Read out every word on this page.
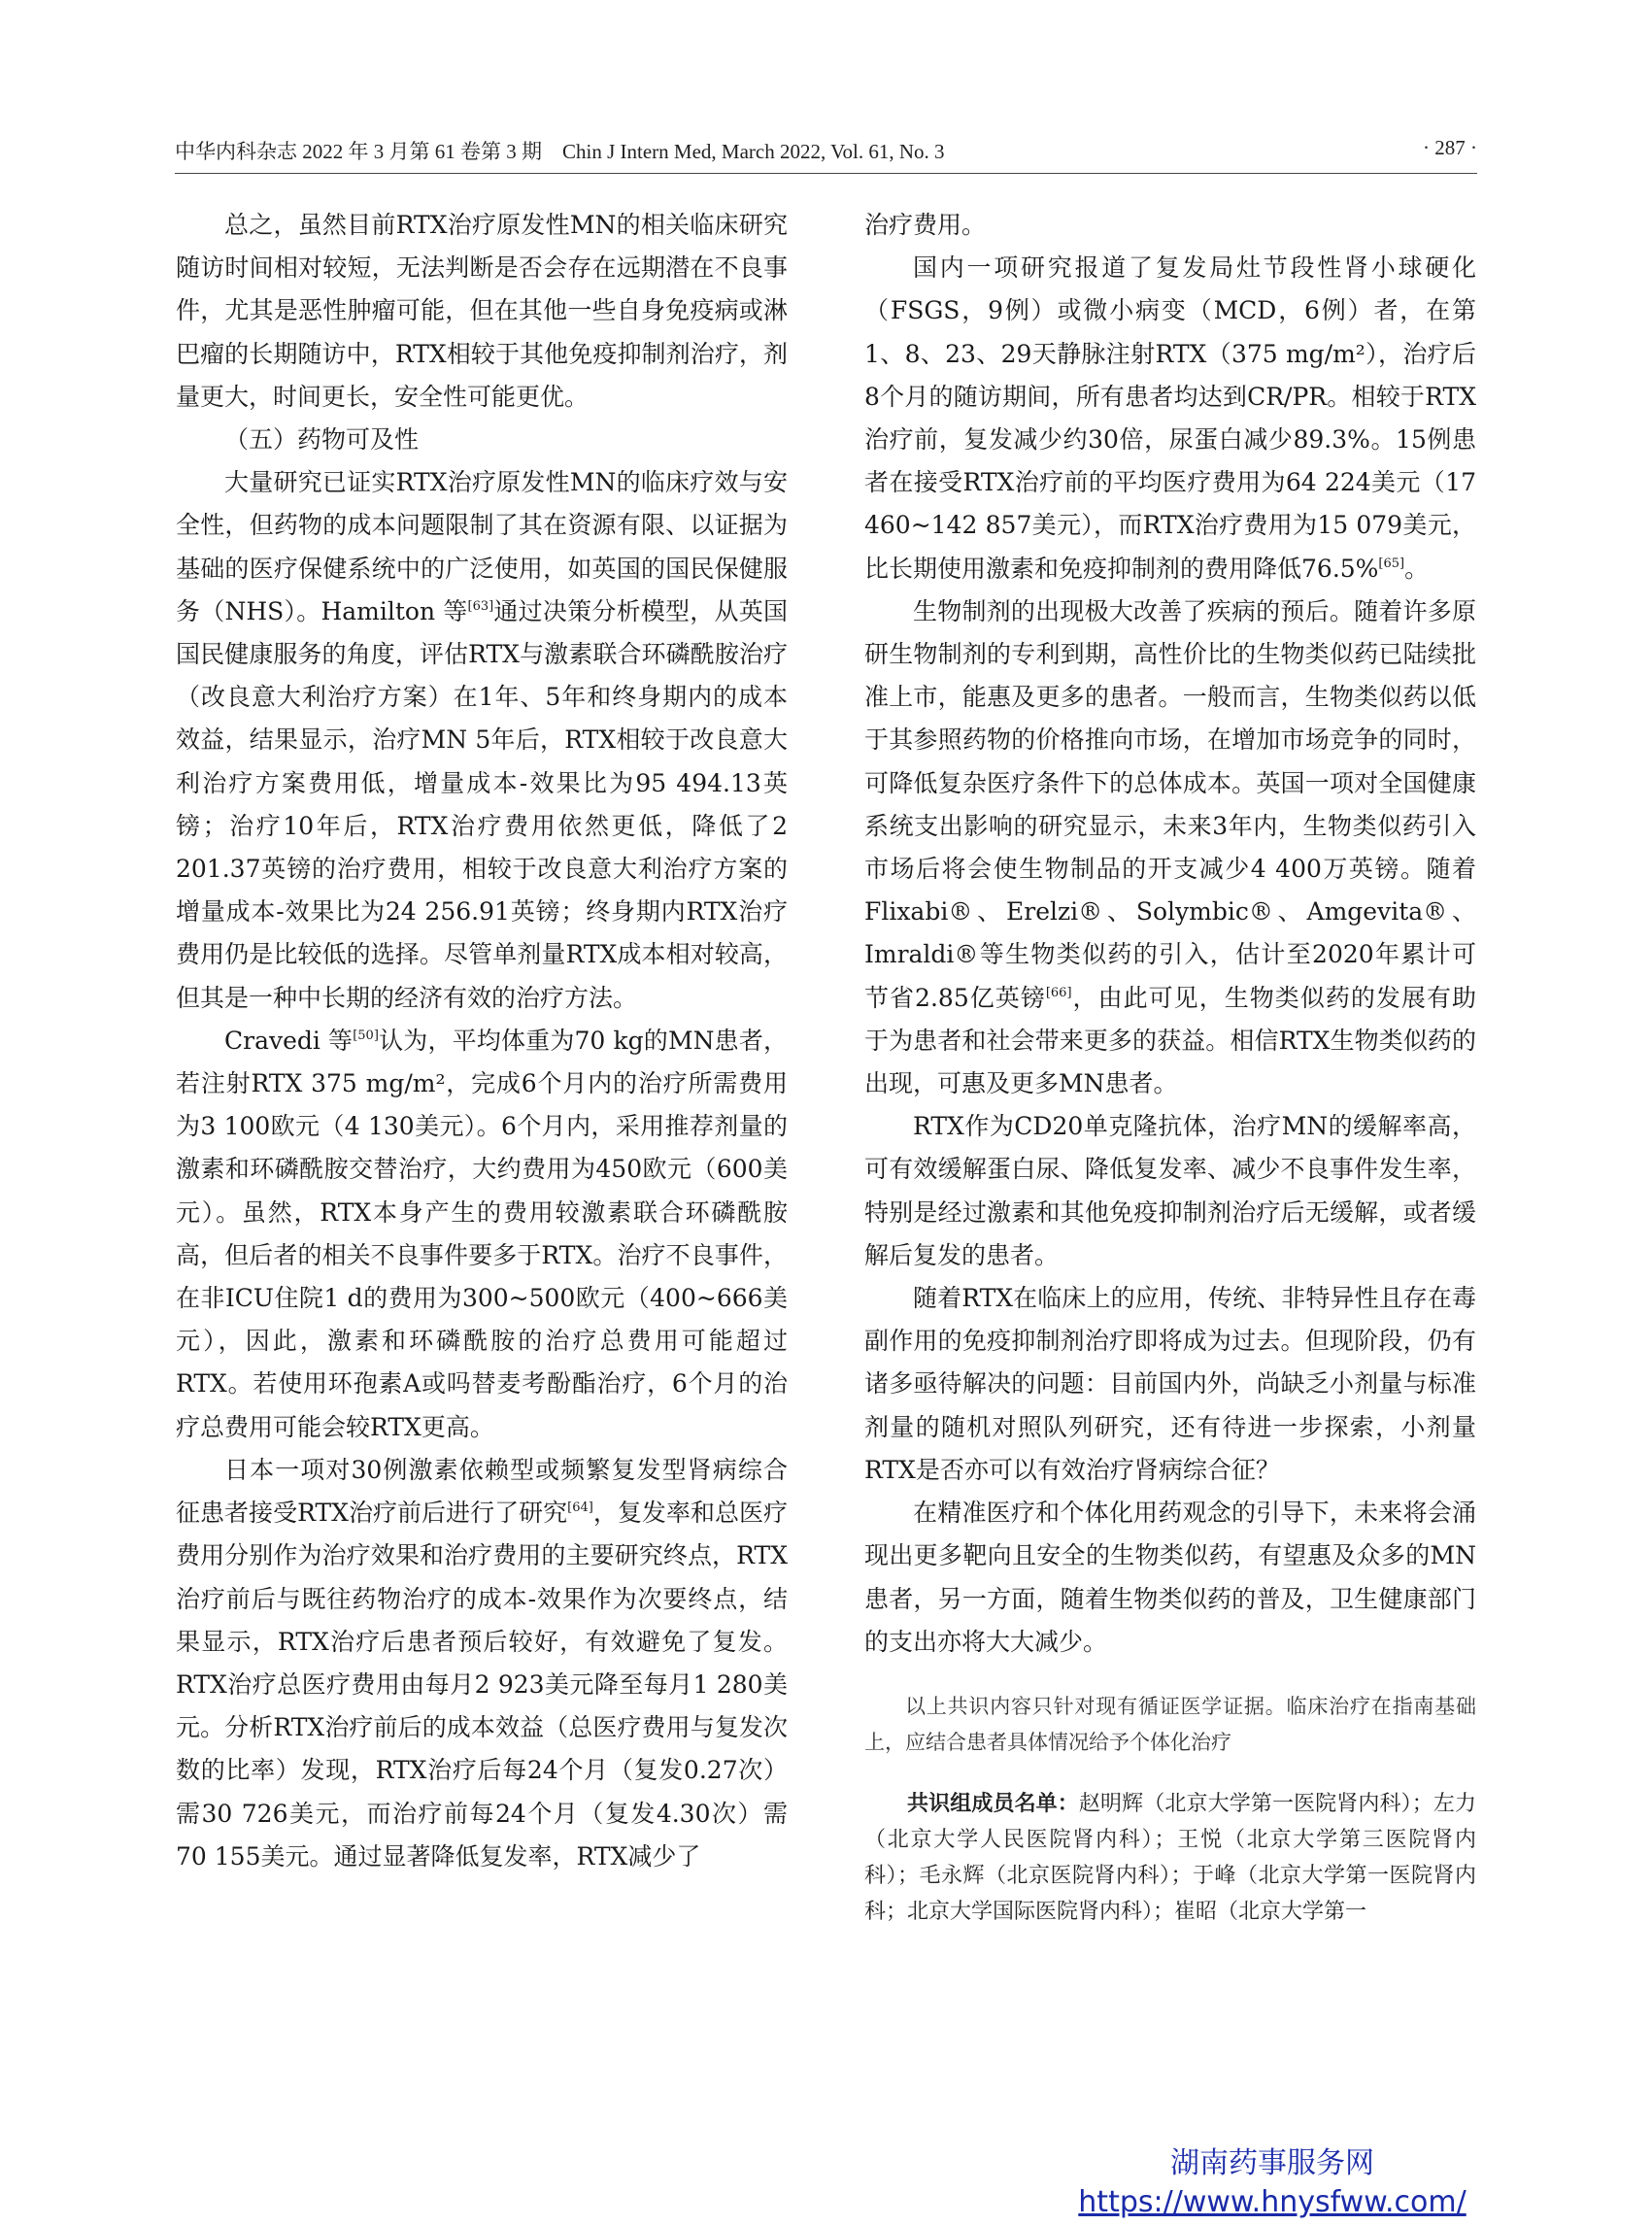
中华内科杂志 2022 年 3 月第 61 卷第 3 期　Chin J Intern Med, March 2022, Vol. 61, No. 3	· 287 ·

总之，虽然目前RTX治疗原发性MN的相关临床研究随访时间相对较短，无法判断是否会存在远期潜在不良事件，尤其是恶性肿瘤可能，但在其他一些自身免疫病或淋巴瘤的长期随访中，RTX相较于其他免疫抑制剂治疗，剂量更大，时间更长，安全性可能更优。

（五）药物可及性

大量研究已证实RTX治疗原发性MN的临床疗效与安全性，但药物的成本问题限制了其在资源有限、以证据为基础的医疗保健系统中的广泛使用，如英国的国民保健服务（NHS）。Hamilton 等[63]通过决策分析模型，从英国国民健康服务的角度，评估RTX与激素联合环磷酰胺治疗（改良意大利治疗方案）在1年、5年和终身期内的成本效益，结果显示，治疗MN 5年后，RTX相较于改良意大利治疗方案费用低，增量成本-效果比为95 494.13英镑；治疗10年后，RTX治疗费用依然更低，降低了2 201.37英镑的治疗费用，相较于改良意大利治疗方案的增量成本-效果比为24 256.91英镑；终身期内RTX治疗费用仍是比较低的选择。尽管单剂量RTX成本相对较高，但其是一种中长期的经济有效的治疗方法。

Cravedi 等[50]认为，平均体重为70 kg的MN患者，若注射RTX 375 mg/m²，完成6个月内的治疗所需费用为3 100欧元（4 130美元）。6个月内，采用推荐剂量的激素和环磷酰胺交替治疗，大约费用为450欧元（600美元）。虽然，RTX本身产生的费用较激素联合环磷酰胺高，但后者的相关不良事件要多于RTX。治疗不良事件，在非ICU住院1 d的费用为300~500欧元（400~666美元），因此，激素和环磷酰胺的治疗总费用可能超过RTX。若使用环孢素A或吗替麦考酚酯治疗，6个月的治疗总费用可能会较RTX更高。

日本一项对30例激素依赖型或频繁复发型肾病综合征患者接受RTX治疗前后进行了研究[64]，复发率和总医疗费用分别作为治疗效果和治疗费用的主要研究终点，RTX治疗前后与既往药物治疗的成本-效果作为次要终点，结果显示，RTX治疗后患者预后较好，有效避免了复发。RTX治疗总医疗费用由每月2 923美元降至每月1 280美元。分析RTX治疗前后的成本效益（总医疗费用与复发次数的比率）发现，RTX治疗后每24个月（复发0.27次）需30 726美元，而治疗前每24个月（复发4.30次）需70 155美元。通过显著降低复发率，RTX减少了

治疗费用。

国内一项研究报道了复发局灶节段性肾小球硬化（FSGS，9例）或微小病变（MCD，6例）者，在第1、8、23、29天静脉注射RTX（375 mg/m²），治疗后8个月的随访期间，所有患者均达到CR/PR。相较于RTX治疗前，复发减少约30倍，尿蛋白减少89.3%。15例患者在接受RTX治疗前的平均医疗费用为64 224美元（17 460~142 857美元），而RTX治疗费用为15 079美元，比长期使用激素和免疫抑制剂的费用降低76.5%[65]。

生物制剂的出现极大改善了疾病的预后。随着许多原研生物制剂的专利到期，高性价比的生物类似药已陆续批准上市，能惠及更多的患者。一般而言，生物类似药以低于其参照药物的价格推向市场，在增加市场竞争的同时，可降低复杂医疗条件下的总体成本。英国一项对全国健康系统支出影响的研究显示，未来3年内，生物类似药引入市场后将会使生物制品的开支减少4 400万英镑。随着Flixabi®、Erelzi®、Solymbic®、Amgevita®、Imraldi®等生物类似药的引入，估计至2020年累计可节省2.85亿英镑[66]，由此可见，生物类似药的发展有助于为患者和社会带来更多的获益。相信RTX生物类似药的出现，可惠及更多MN患者。

RTX作为CD20单克隆抗体，治疗MN的缓解率高，可有效缓解蛋白尿、降低复发率、减少不良事件发生率，特别是经过激素和其他免疫抑制剂治疗后无缓解，或者缓解后复发的患者。

随着RTX在临床上的应用，传统、非特异性且存在毒副作用的免疫抑制剂治疗即将成为过去。但现阶段，仍有诸多亟待解决的问题：目前国内外，尚缺乏小剂量与标准剂量的随机对照队列研究，还有待进一步探索，小剂量RTX是否亦可以有效治疗肾病综合征？

在精准医疗和个体化用药观念的引导下，未来将会涌现出更多靶向且安全的生物类似药，有望惠及众多的MN患者，另一方面，随着生物类似药的普及，卫生健康部门的支出亦将大大减少。

以上共识内容只针对现有循证医学证据。临床治疗在指南基础上，应结合患者具体情况给予个体化治疗

共识组成员名单：赵明辉（北京大学第一医院肾内科）；左力（北京大学人民医院肾内科）；王悦（北京大学第三医院肾内科）；毛永辉（北京医院肾内科）；于峰（北京大学第一医院肾内科；北京大学国际医院肾内科）；崔昭（北京大学第一

湖南药事服务网
https://www.hnysfww.com/
